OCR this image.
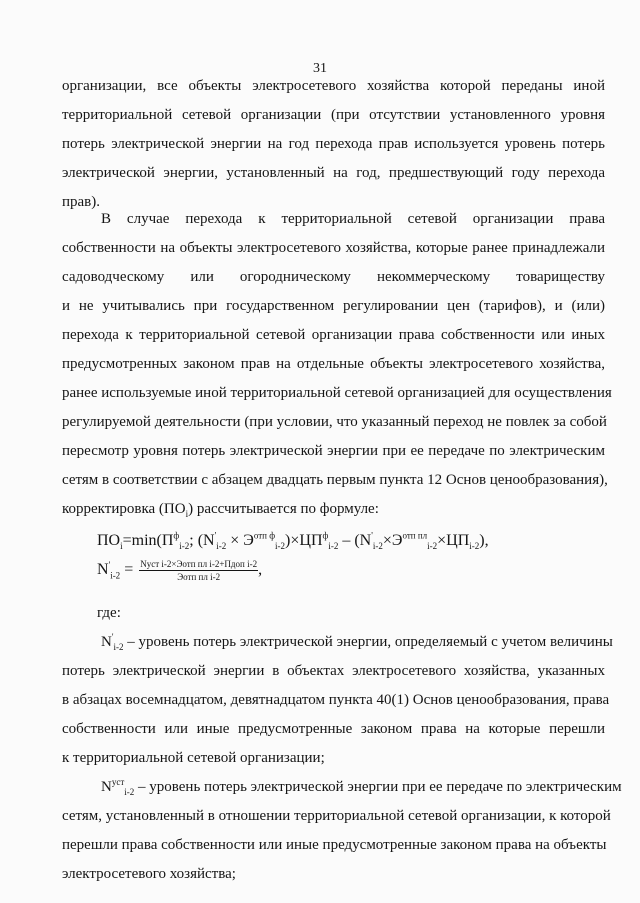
31
организации, все объекты электросетевого хозяйства которой переданы иной
территориальной сетевой организации (при отсутствии установленного уровня
потерь электрической энергии на год перехода прав используется уровень потерь
электрической энергии, установленный на год, предшествующий году перехода
прав).
В случае перехода к территориальной сетевой организации права
собственности на объекты электросетевого хозяйства, которые ранее принадлежали
садоводческому или огородническому некоммерческому товариществу
и не учитывались при государственном регулировании цен (тарифов), и (или)
перехода к территориальной сетевой организации права собственности или иных
предусмотренных законом прав на отдельные объекты электросетевого хозяйства,
ранее используемые иной территориальной сетевой организацией для осуществления
регулируемой деятельности (при условии, что указанный переход не повлек за собой
пересмотр уровня потерь электрической энергии при ее передаче по электрическим
сетям в соответствии с абзацем двадцать первым пункта 12 Основ ценообразования),
корректировка $(ПО_i)$ рассчитывается по формуле:
$ПО_i=\min(П^ф_{i-2}$; $(N'_{i-2} \times Э^{отп ф}_{i-2})\times ЦП^ф_{i-2} - (N'_{i-2}\times Э^{отп пл}_{i-2}\times ЦП_{i-2})$,
$N'_{i-2} = \frac{\text{Nуст i-2×Эотп пл i-2+Пдоп i-2}}{\text{Эотп пл i-2}}$ ,
где:
$N'_{i-2}$ – уровень потерь электрической энергии, определяемый с учетом величины
потерь электрической энергии в объектах электросетевого хозяйства, указанных
в абзацах восемнадцатом, девятнадцатом пункта 40(1) Основ ценообразования, права
собственности или иные предусмотренные законом права на которые перешли
к территориальной сетевой организации;
$N^{уст}_{i-2}$ – уровень потерь электрической энергии при ее передаче по электрическим
сетям, установленный в отношении территориальной сетевой организации, к которой
перешли права собственности или иные предусмотренные законом права на объекты
электросетевого хозяйства;
